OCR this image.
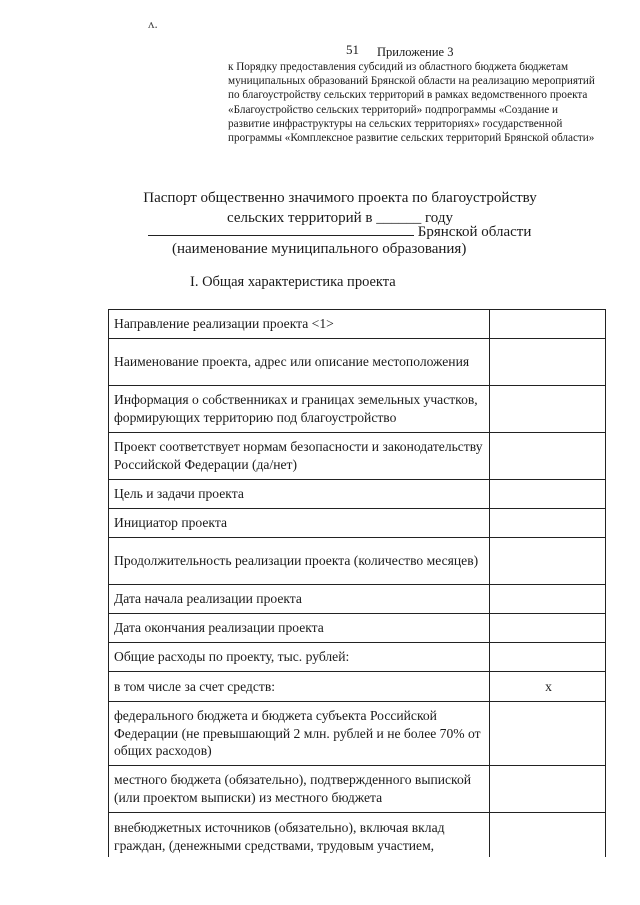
ʌ.
51 Приложение 3
к Порядку предоставления субсидий из областного бюджета бюджетам муниципальных образований Брянской области на реализацию мероприятий по благоустройству сельских территорий в рамках ведомственного проекта «Благоустройство сельских территорий» подпрограммы «Создание и развитие инфраструктуры на сельских территориях» государственной программы «Комплексное развитие сельских территорий Брянской области»
Паспорт общественно значимого проекта по благоустройству
сельских территорий в ______ году
Брянской области
(наименование муниципального образования)
I. Общая характеристика проекта
Направление реализации проекта <1>	
Наименование проекта, адрес или описание местоположения	
Информация о собственниках и границах земельных участков, формирующих территорию под благоустройство	
Проект соответствует нормам безопасности и законодательству Российской Федерации (да/нет)	
Цель и задачи проекта	
Инициатор проекта	
Продолжительность реализации проекта (количество месяцев)	
Дата начала реализации проекта	
Дата окончания реализации проекта	
Общие расходы по проекту, тыс. рублей:	
в том числе за счет средств:	x
федерального бюджета и бюджета субъекта Российской Федерации (не превышающий 2 млн. рублей и не более 70% от общих расходов)	
местного бюджета (обязательно), подтвержденного выпиской (или проектом выписки) из местного бюджета	
внебюджетных источников (обязательно), включая вклад граждан, (денежными средствами, трудовым участием,	
